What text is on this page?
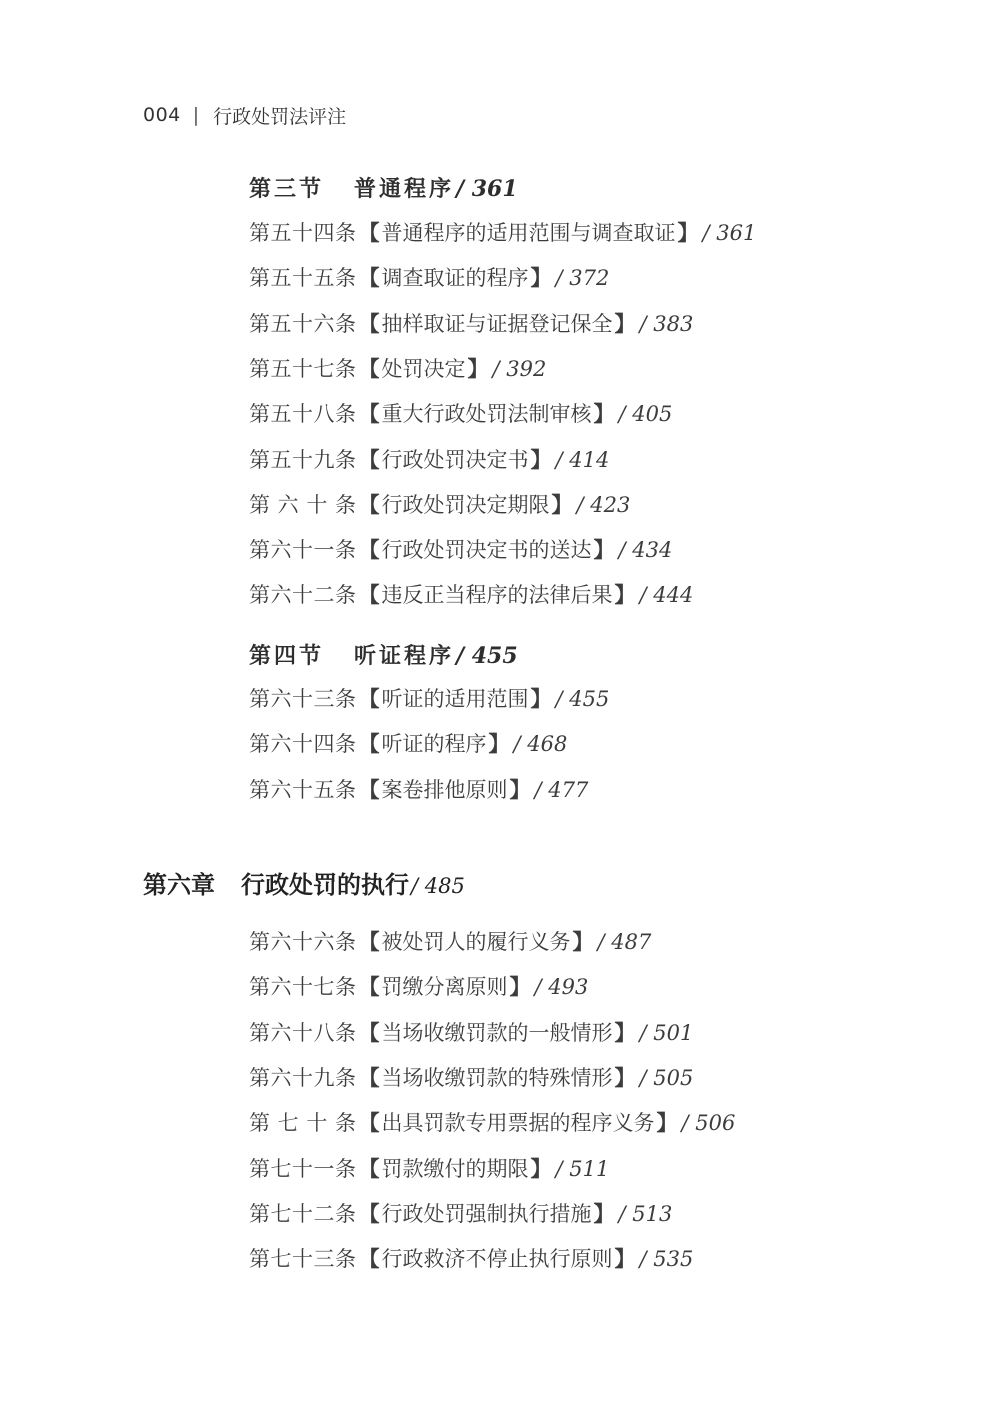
004 | 行政处罚法评注
第三节 普通程序 / 361
第五十四条 【 普通程序的适用范围与调查取证 】 / 361
第五十五条 【 调查取证的程序 】 / 372
第五十六条 【 抽样取证与证据登记保全 】 / 383
第五十七条 【 处罚决定 】 / 392
第五十八条 【 重大行政处罚法制审核 】 / 405
第五十九条 【 行政处罚决定书 】 / 414
第 六 十 条 【 行政处罚决定期限 】 / 423
第六十一条 【 行政处罚决定书的送达 】 / 434
第六十二条 【 违反正当程序的法律后果 】 / 444
第四节 听证程序 / 455
第六十三条 【 听证的适用范围 】 / 455
第六十四条 【 听证的程序 】 / 468
第六十五条 【 案卷排他原则 】 / 477
第六章 行政处罚的执行 / 485
第六十六条 【 被处罚人的履行义务 】 / 487
第六十七条 【 罚缴分离原则 】 / 493
第六十八条 【 当场收缴罚款的一般情形 】 / 501
第六十九条 【 当场收缴罚款的特殊情形 】 / 505
第 七 十 条 【 出具罚款专用票据的程序义务 】 / 506
第七十一条 【 罚款缴付的期限 】 / 511
第七十二条 【 行政处罚强制执行措施 】 / 513
第七十三条 【 行政救济不停止执行原则 】 / 535
